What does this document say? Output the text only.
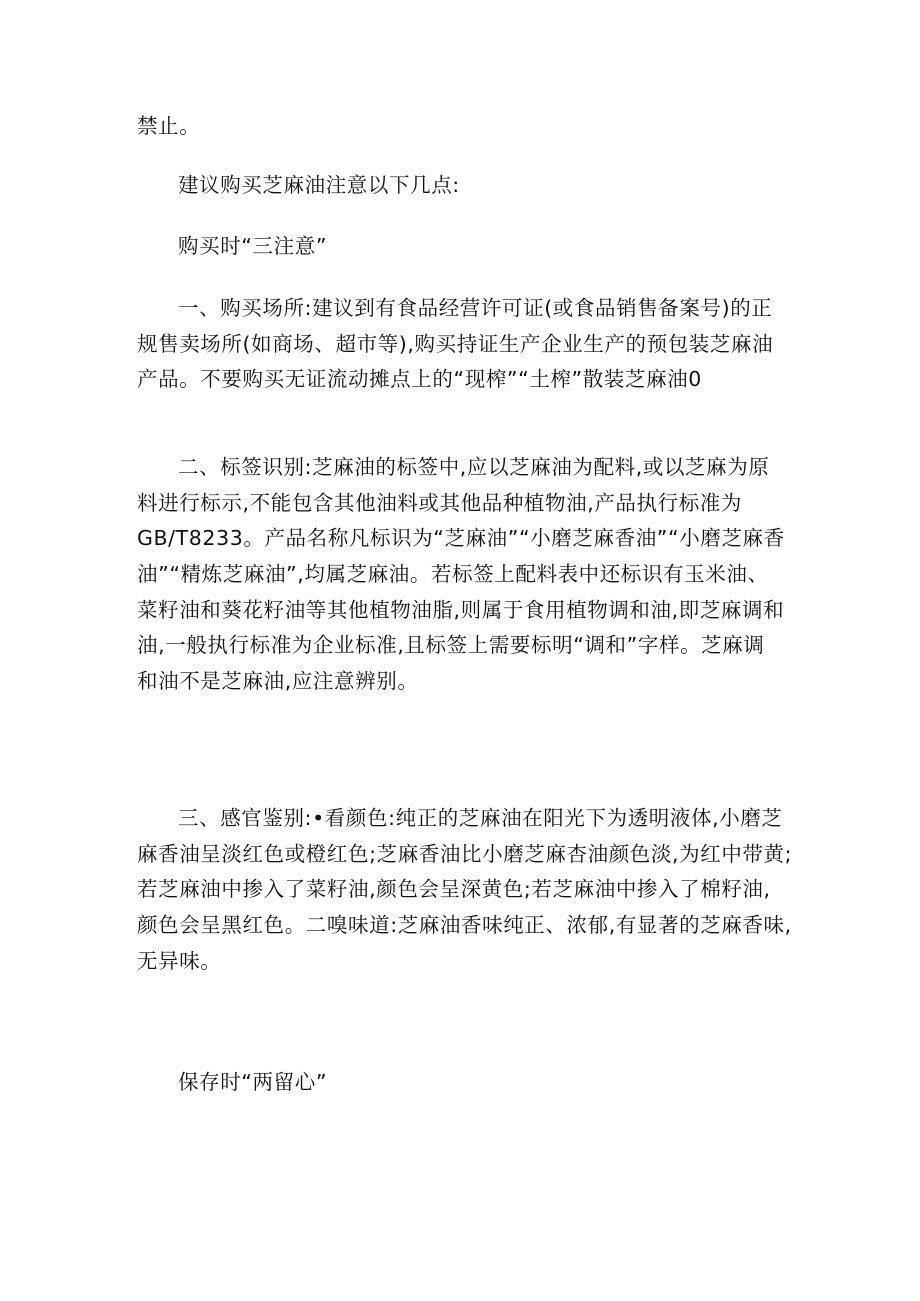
禁止。

建议购买芝麻油注意以下几点:

购买时“三注意”

一、购买场所:建议到有食品经营许可证(或食品销售备案号)的正
规售卖场所(如商场、超市等),购买持证生产企业生产的预包装芝麻油
产品。不要购买无证流动摊点上的“现榨”“土榨”散装芝麻油0

二、标签识别:芝麻油的标签中,应以芝麻油为配料,或以芝麻为原
料进行标示,不能包含其他油料或其他品种植物油,产品执行标准为
GB/T8233。产品名称凡标识为“芝麻油”“小磨芝麻香油”“小磨芝麻香
油”“精炼芝麻油”,均属芝麻油。若标签上配料表中还标识有玉米油、
菜籽油和葵花籽油等其他植物油脂,则属于食用植物调和油,即芝麻调和
油,一般执行标准为企业标准,且标签上需要标明“调和”字样。芝麻调
和油不是芝麻油,应注意辨别。

三、感官鉴别:•看颜色:纯正的芝麻油在阳光下为透明液体,小磨芝
麻香油呈淡红色或橙红色;芝麻香油比小磨芝麻杏油颜色淡,为红中带黄;
若芝麻油中掺入了菜籽油,颜色会呈深黄色;若芝麻油中掺入了棉籽油,
颜色会呈黑红色。二嗅味道:芝麻油香味纯正、浓郁,有显著的芝麻香味,
无异味。

保存时“两留心”
